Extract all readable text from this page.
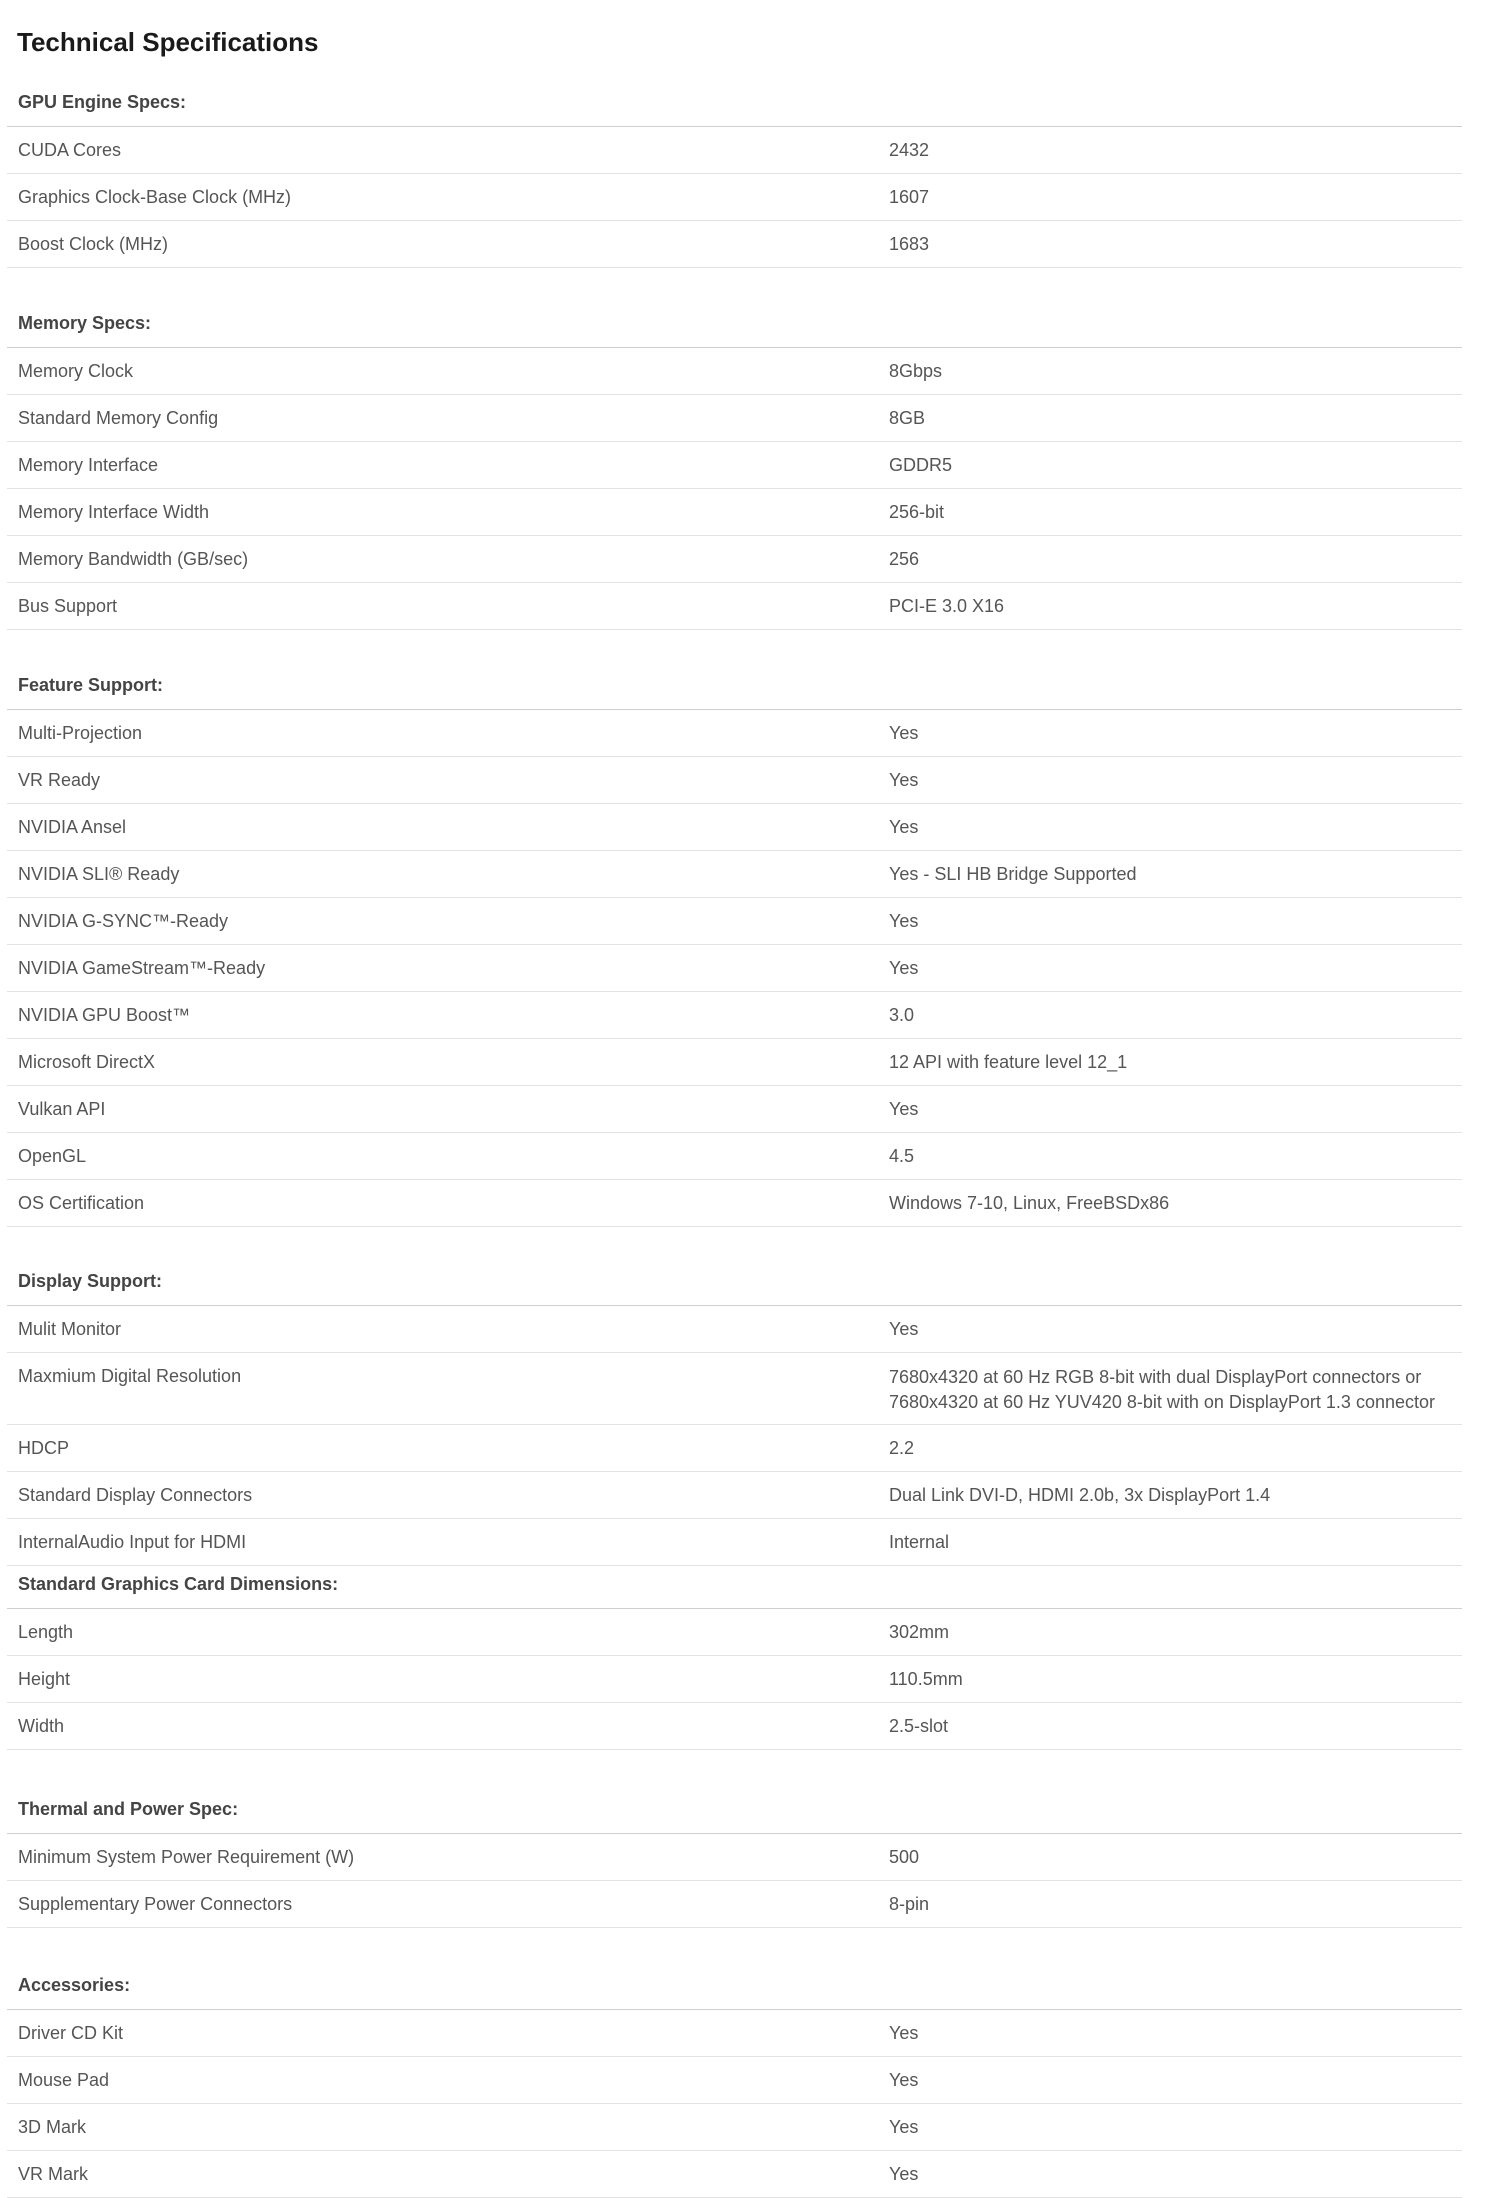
Technical Specifications
GPU Engine Specs:
CUDA Cores	2432
Graphics Clock-Base Clock (MHz)	1607
Boost Clock (MHz)	1683
Memory Specs:
Memory Clock	8Gbps
Standard Memory Config	8GB
Memory Interface	GDDR5
Memory Interface Width	256-bit
Memory Bandwidth (GB/sec)	256
Bus Support	PCI-E 3.0 X16
Feature Support:
Multi-Projection	Yes
VR Ready	Yes
NVIDIA Ansel	Yes
NVIDIA SLI® Ready	Yes - SLI HB Bridge Supported
NVIDIA G-SYNC™-Ready	Yes
NVIDIA GameStream™-Ready	Yes
NVIDIA GPU Boost™	3.0
Microsoft DirectX	12 API with feature level 12_1
Vulkan API	Yes
OpenGL	4.5
OS Certification	Windows 7-10, Linux, FreeBSDx86
Display Support:
Mulit Monitor	Yes
Maxmium Digital Resolution	7680x4320 at 60 Hz RGB 8-bit with dual DisplayPort connectors or
7680x4320 at 60 Hz YUV420 8-bit with on DisplayPort 1.3 connector
HDCP	2.2
Standard Display Connectors	Dual Link DVI-D, HDMI 2.0b, 3x DisplayPort 1.4
InternalAudio Input for HDMI	Internal
Standard Graphics Card Dimensions:
Length	302mm
Height	110.5mm
Width	2.5-slot
Thermal and Power Spec:
Minimum System Power Requirement (W)	500
Supplementary Power Connectors	8-pin
Accessories:
Driver CD Kit	Yes
Mouse Pad	Yes
3D Mark	Yes
VR Mark	Yes
